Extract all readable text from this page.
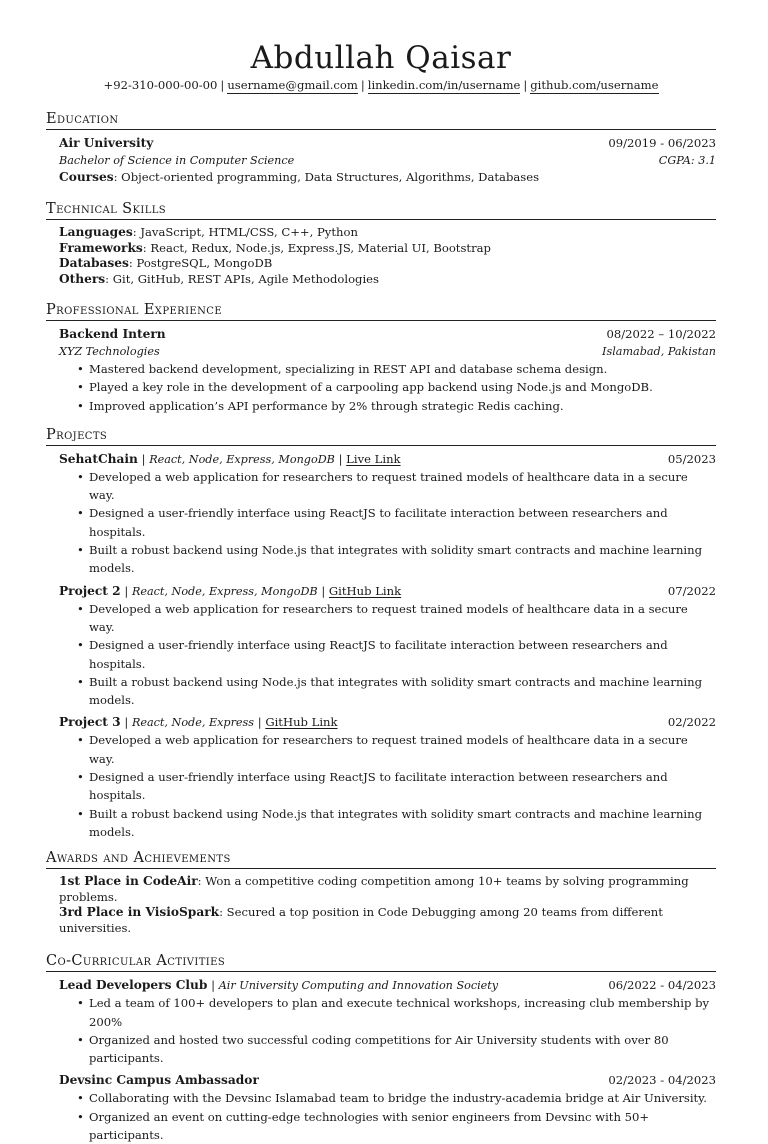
Abdullah Qaisar
+92-310-000-00-00 | username@gmail.com | linkedin.com/in/username | github.com/username
Education
Air University	09/2019 - 06/2023
Bachelor of Science in Computer Science	CGPA: 3.1
Courses: Object-oriented programming, Data Structures, Algorithms, Databases
Technical Skills
Languages: JavaScript, HTML/CSS, C++, Python
Frameworks: React, Redux, Node.js, Express.JS, Material UI, Bootstrap
Databases: PostgreSQL, MongoDB
Others: Git, GitHub, REST APIs, Agile Methodologies
Professional Experience
Backend Intern	08/2022 – 10/2022
XYZ Technologies	Islamabad, Pakistan
• Mastered backend development, specializing in REST API and database schema design.
• Played a key role in the development of a carpooling app backend using Node.js and MongoDB.
• Improved application’s API performance by 2% through strategic Redis caching.
Projects
SehatChain | React, Node, Express, MongoDB | Live Link	05/2023
• Developed a web application for researchers to request trained models of healthcare data in a secure way.
• Designed a user-friendly interface using ReactJS to facilitate interaction between researchers and hospitals.
• Built a robust backend using Node.js that integrates with solidity smart contracts and machine learning models.
Project 2 | React, Node, Express, MongoDB | GitHub Link	07/2022
• Developed a web application for researchers to request trained models of healthcare data in a secure way.
• Designed a user-friendly interface using ReactJS to facilitate interaction between researchers and hospitals.
• Built a robust backend using Node.js that integrates with solidity smart contracts and machine learning models.
Project 3 | React, Node, Express | GitHub Link	02/2022
• Developed a web application for researchers to request trained models of healthcare data in a secure way.
• Designed a user-friendly interface using ReactJS to facilitate interaction between researchers and hospitals.
• Built a robust backend using Node.js that integrates with solidity smart contracts and machine learning models.
Awards and Achievements
1st Place in CodeAir: Won a competitive coding competition among 10+ teams by solving programming problems.
3rd Place in VisioSpark: Secured a top position in Code Debugging among 20 teams from different universities.
Co-Curricular Activities
Lead Developers Club | Air University Computing and Innovation Society	06/2022 - 04/2023
• Led a team of 100+ developers to plan and execute technical workshops, increasing club membership by 200%
• Organized and hosted two successful coding competitions for Air University students with over 80 participants.
Devsinc Campus Ambassador	02/2023 - 04/2023
• Collaborating with the Devsinc Islamabad team to bridge the industry-academia bridge at Air University.
• Organized an event on cutting-edge technologies with senior engineers from Devsinc with 50+ participants.
